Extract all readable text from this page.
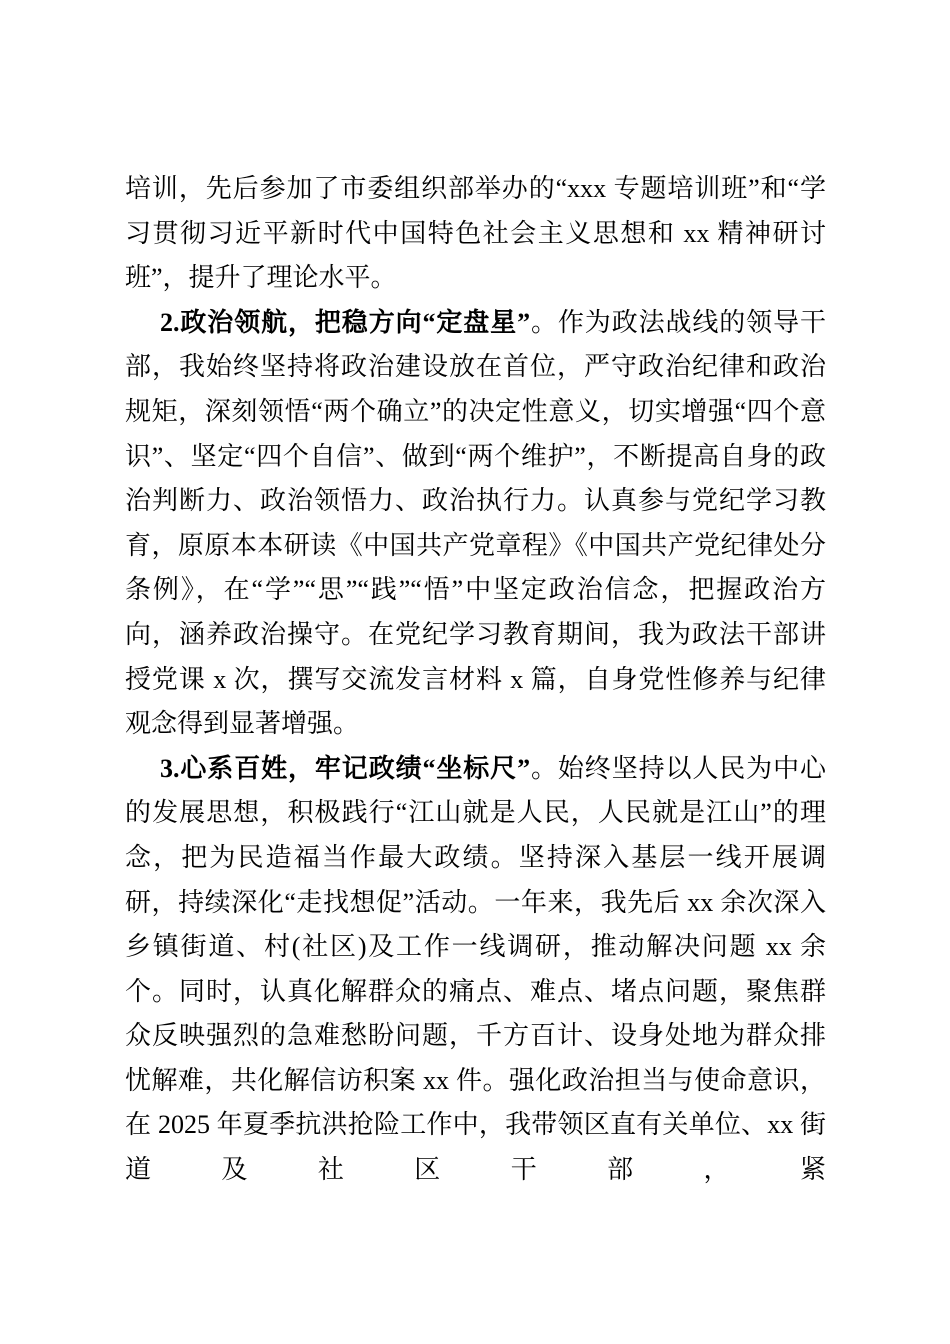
培训，先后参加了市委组织部举办的“xxx 专题培训班”和“学习贯彻习近平新时代中国特色社会主义思想和 xx 精神研讨班”，提升了理论水平。

2.政治领航，把稳方向“定盘星”。作为政法战线的领导干部，我始终坚持将政治建设放在首位，严守政治纪律和政治规矩，深刻领悟“两个确立”的决定性意义，切实增强“四个意识”、坚定“四个自信”、做到“两个维护”，不断提高自身的政治判断力、政治领悟力、政治执行力。认真参与党纪学习教育，原原本本研读《中国共产党章程》《中国共产党纪律处分条例》，在“学”“思”“践”“悟”中坚定政治信念，把握政治方向，涵养政治操守。在党纪学习教育期间，我为政法干部讲授党课 x 次，撰写交流发言材料 x 篇，自身党性修养与纪律观念得到显著增强。

3.心系百姓，牢记政绩“坐标尺”。始终坚持以人民为中心的发展思想，积极践行“江山就是人民，人民就是江山”的理念，把为民造福当作最大政绩。坚持深入基层一线开展调研，持续深化“走找想促”活动。一年来，我先后 xx 余次深入乡镇街道、村(社区)及工作一线调研，推动解决问题 xx 余个。同时，认真化解群众的痛点、难点、堵点问题，聚焦群众反映强烈的急难愁盼问题，千方百计、设身处地为群众排忧解难，共化解信访积案 xx 件。强化政治担当与使命意识，在 2025 年夏季抗洪抢险工作中，我带领区直有关单位、xx 街道及社区干部，紧
